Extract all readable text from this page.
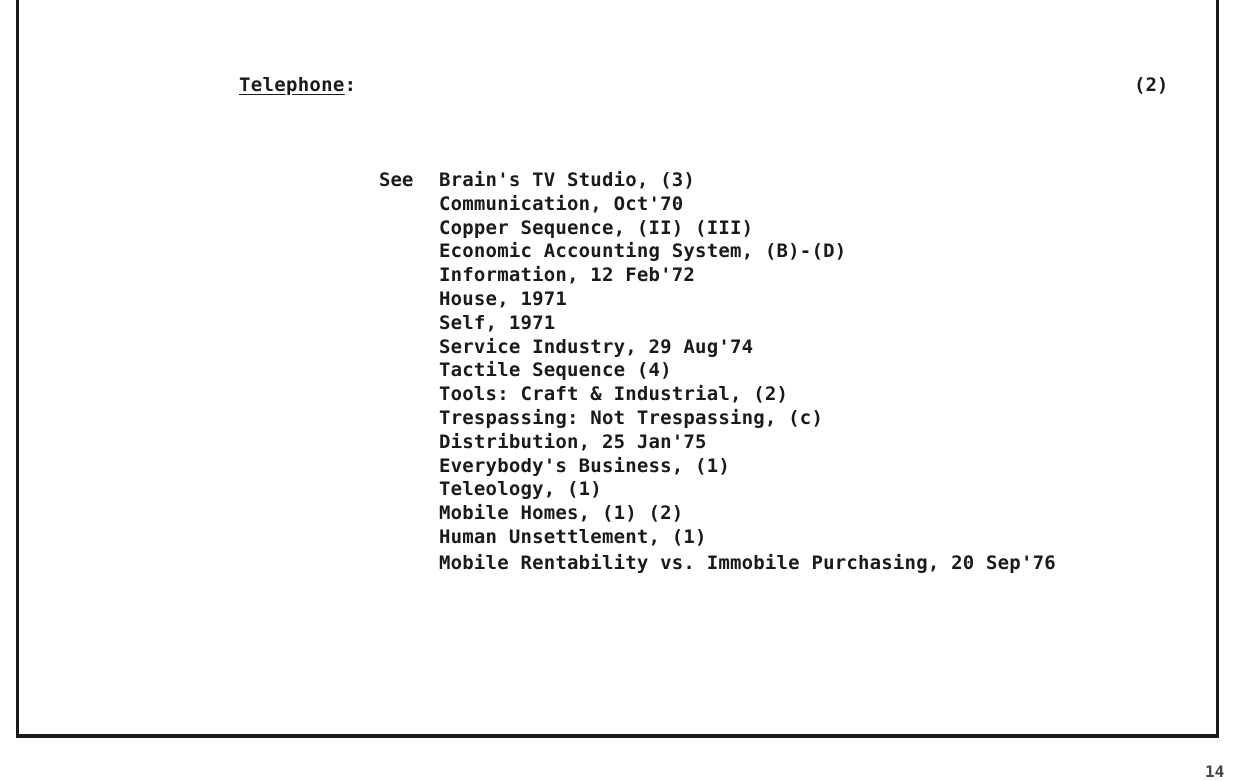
Telephone:	(2)
See Brain's TV Studio, (3)
Communication, Oct'70
Copper Sequence, (II) (III)
Economic Accounting System, (B)-(D)
Information, 12 Feb'72
House, 1971
Self, 1971
Service Industry, 29 Aug'74
Tactile Sequence (4)
Tools: Craft & Industrial, (2)
Trespassing: Not Trespassing, (c)
Distribution, 25 Jan'75
Everybody's Business, (1)
Teleology, (1)
Mobile Homes, (1) (2)
Human Unsettlement, (1)
Mobile Rentability vs. Immobile Purchasing, 20 Sep'76
14
